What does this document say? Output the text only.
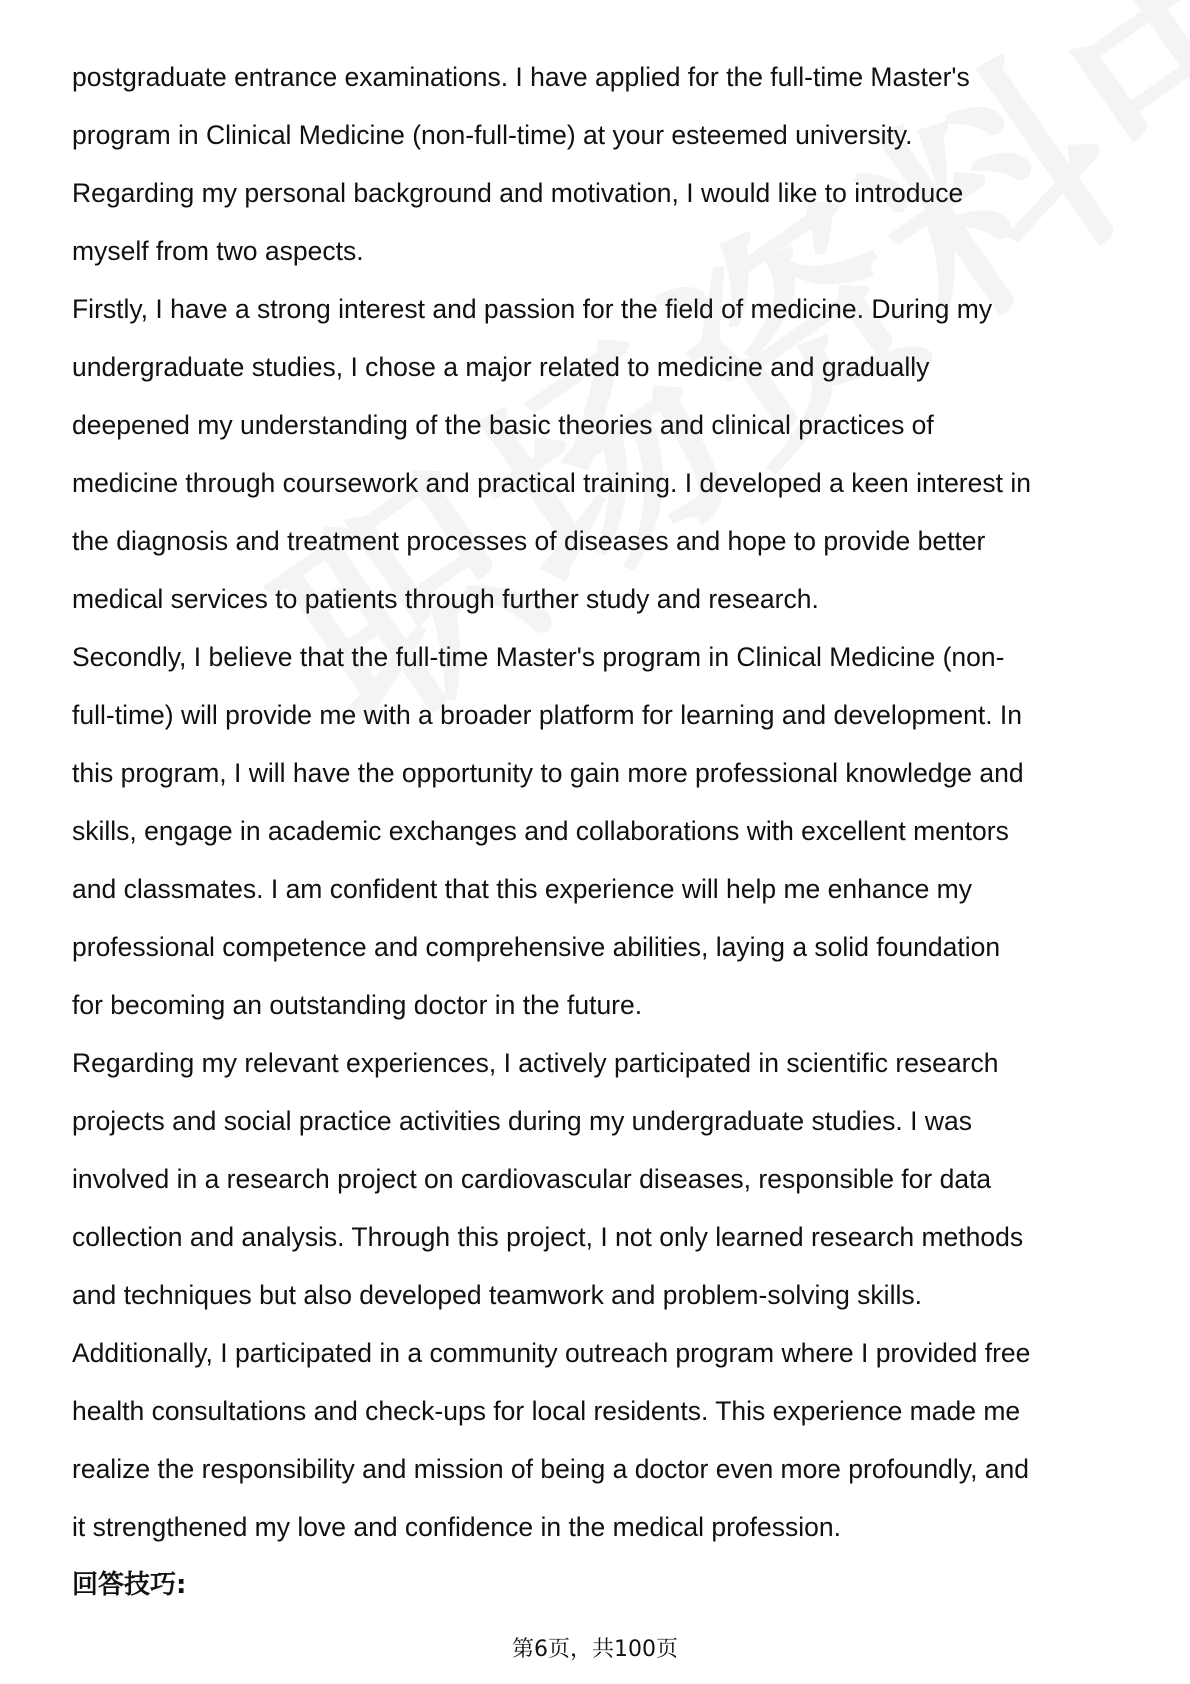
postgraduate entrance examinations. I have applied for the full-time Master's
program in Clinical Medicine (non-full-time) at your esteemed university.
Regarding my personal background and motivation, I would like to introduce
myself from two aspects.
Firstly, I have a strong interest and passion for the field of medicine. During my
undergraduate studies, I chose a major related to medicine and gradually
deepened my understanding of the basic theories and clinical practices of
medicine through coursework and practical training. I developed a keen interest in
the diagnosis and treatment processes of diseases and hope to provide better
medical services to patients through further study and research.
Secondly, I believe that the full-time Master's program in Clinical Medicine (non-
full-time) will provide me with a broader platform for learning and development. In
this program, I will have the opportunity to gain more professional knowledge and
skills, engage in academic exchanges and collaborations with excellent mentors
and classmates. I am confident that this experience will help me enhance my
professional competence and comprehensive abilities, laying a solid foundation
for becoming an outstanding doctor in the future.
Regarding my relevant experiences, I actively participated in scientific research
projects and social practice activities during my undergraduate studies. I was
involved in a research project on cardiovascular diseases, responsible for data
collection and analysis. Through this project, I not only learned research methods
and techniques but also developed teamwork and problem-solving skills.
Additionally, I participated in a community outreach program where I provided free
health consultations and check-ups for local residents. This experience made me
realize the responsibility and mission of being a doctor even more profoundly, and
it strengthened my love and confidence in the medical profession.
回答技巧:
第6页，共100页
